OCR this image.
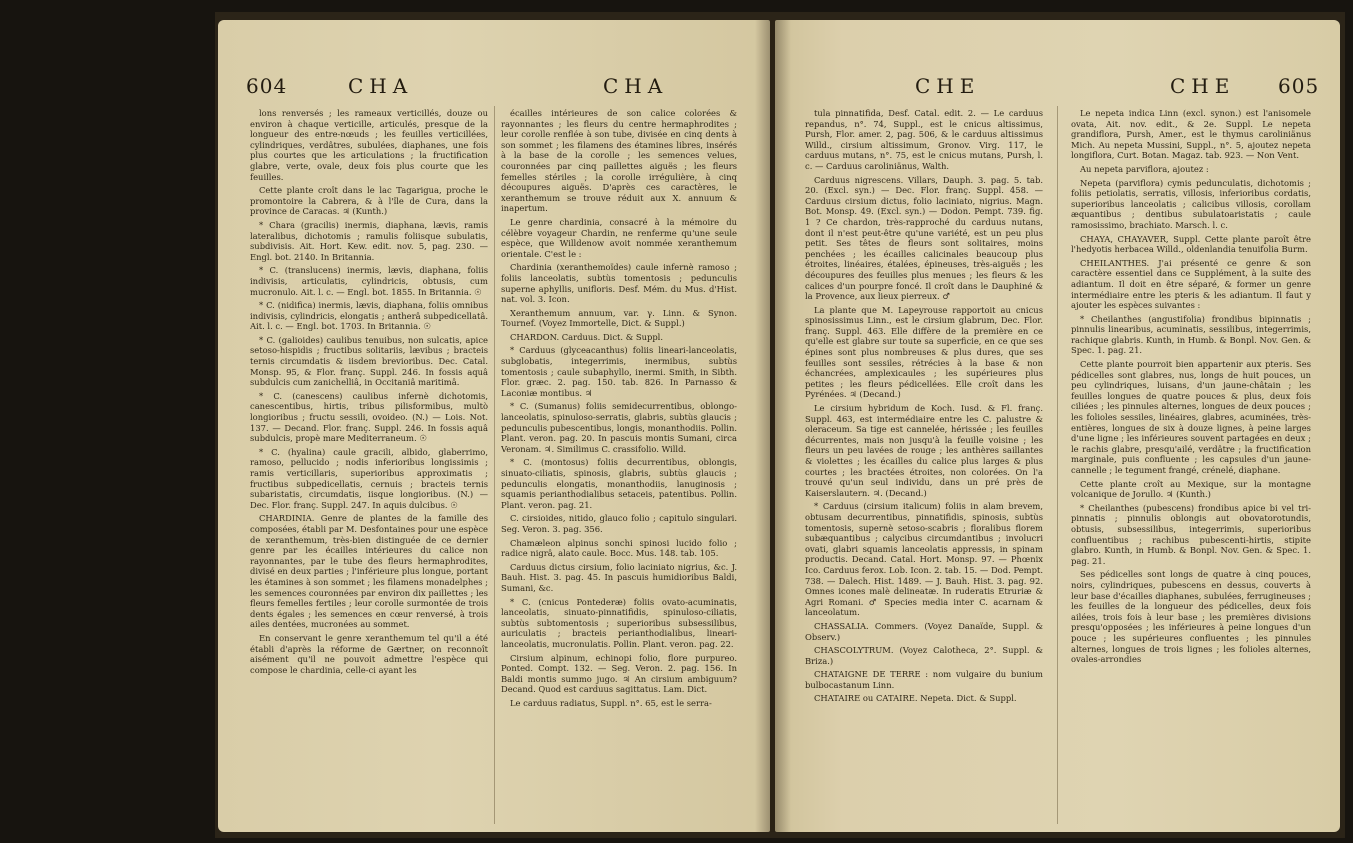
604	CHA	CHA

lons renversés ; les rameaux verticillés, douze ou environ à chaque verticille, articulés, presque de la longueur des entre-nœuds ; les feuilles verticillées, cylindriques, verdâtres, subulées, diaphanes, une fois plus courtes que les articulations ; la fructification glabre, verte, ovale, deux fois plus courte que les feuilles.

Cette plante croît dans le lac Tagarigua, proche le promontoire la Cabrera, & à l'île de Cura, dans la province de Caracas. ♃ (Kunth.)

* Chara (gracilis) inermis, diaphana, lævis, ramis lateralibus, dichotomis ; ramulis foliisque subulatis, subdivisis. Ait. Hort. Kew. edit. nov. 5, pag. 230. — Engl. bot. 2140. In Britannia.

* C. (translucens) inermis, lævis, diaphana, foliis indivisis, articulatis, cylindricis, obtusis, cum mucronulo. Ait. l. c. — Engl. bot. 1855. In Britannia. ☉

* C. (nidifica) inermis, lævis, diaphana, foliis omnibus indivisis, cylindricis, elongatis ; antherâ subpedicellatâ. Ait. l. c. — Engl. bot. 1703. In Britannia. ☉

* C. (galioides) caulibus tenuibus, non sulcatis, apice setoso-hispidis ; fructibus solitariis, lævibus ; bracteis ternis circumdatis & iisdem brevioribus. Dec. Catal. Monsp. 95, & Flor. franç. Suppl. 246. In fossis aquâ subdulcis cum zanichelliâ, in Occitaniâ maritimâ.

* C. (canescens) caulibus infernè dichotomis, canescentibus, hirtis, tribus pilisformibus, multò longioribus ; fructu sessili, ovoideo. (N.) — Lois. Not. 137. — Decand. Flor. franç. Suppl. 246. In fossis aquâ subdulcis, propè mare Mediterraneum. ☉

* C. (hyalina) caule gracili, albido, glaberrimo, ramoso, pellucido ; nodis inferioribus longissimis ; ramis verticillaris, superioribus approximatis ; fructibus subpedicellatis, cernuis ; bracteis ternis subaristatis, circumdatis, iisque longioribus. (N.) — Dec. Flor. franç. Suppl. 247. In aquis dulcibus. ☉

CHARDINIA. Genre de plantes de la famille des composées, établi par M. Desfontaines pour une espèce de xeranthemum, très-bien distinguée de ce dernier genre par les écailles intérieures du calice non rayonnantes, par le tube des fleurs hermaphrodites, divisé en deux parties ; l'inférieure plus longue, portant les étamines à son sommet ; les filamens monadelphes ; les semences couronnées par environ dix paillettes ; les fleurs femelles fertiles ; leur corolle surmontée de trois dents égales ; les semences en cœur renversé, à trois ailes dentées, mucronées au sommet.

En conservant le genre xeranthemum tel qu'il a été établi d'après la réforme de Gærtner, on reconnoît aisément qu'il ne pouvoit admettre l'espèce qui compose le chardinia, celle-ci ayant les

écailles intérieures de son calice colorées & rayonnantes ; les fleurs du centre hermaphrodites ; leur corolle renflée à son tube, divisée en cinq dents à son sommet ; les filamens des étamines libres, insérés à la base de la corolle ; les semences velues, couronnées par cinq paillettes aiguës ; les fleurs femelles stériles ; la corolle irrégulière, à cinq découpures aiguës. D'après ces caractères, le xeranthemum se trouve réduit aux X. annuum & inapertum.

Le genre chardinia, consacré à la mémoire du célèbre voyageur Chardin, ne renferme qu'une seule espèce, que Willdenow avoit nommée xeranthemum orientale. C'est le :

Chardinia (xeranthemoïdes) caule infernè ramoso ; foliis lanceolatis, subtùs tomentosis ; pedunculis superne aphyllis, unifloris. Desf. Mém. du Mus. d'Hist. nat. vol. 3. Icon.

Xeranthemum annuum, var. γ. Linn. & Synon. Tournef. (Voyez Immortelle, Dict. & Suppl.)

CHARDON. Carduus. Dict. & Suppl.

* Carduus (glyceacanthus) foliis lineari-lanceolatis, subglobatis, integerrimis, inermibus, subtùs tomentosis ; caule subaphyllo, inermi. Smith, in Sibth. Flor. græc. 2. pag. 150. tab. 826. In Parnasso & Laconiæ montibus. ♃

* C. (Sumanus) foliis semidecurrentibus, oblongo-lanceolatis, spinuloso-serratis, glabris, subtùs glaucis ; pedunculis pubescentibus, longis, monanthodiis. Pollin. Plant. veron. pag. 20. In pascuis montis Sumani, circa Veronam. ♃. Similimus C. crassifolio. Willd.

* C. (montosus) foliis decurrentibus, oblongis, sinuato-ciliatis, spinosis, glabris, subtùs glaucis ; pedunculis elongatis, monanthodiis, lanuginosis ; squamis perianthodialibus setaceis, patentibus. Pollin. Plant. veron. pag. 21.

C. cirsioides, nitido, glauco folio ; capitulo singulari. Seg. Veron. 3. pag. 356.

Chamæleon alpinus sonchi spinosi lucido folio ; radice nigrâ, alato caule. Bocc. Mus. 148. tab. 105.

Carduus dictus cirsium, folio laciniato nigrius, &c. J. Bauh. Hist. 3. pag. 45. In pascuis humidioribus Baldi, Sumani, &c.

* C. (cnicus Pontederæ) foliis ovato-acuminatis, lanceolatis, sinuato-pinnatifidis, spinuloso-ciliatis, subtùs subtomentosis ; superioribus subsessilibus, auriculatis ; bracteis perianthodialibus, lineari-lanceolatis, mucronulatis. Pollin. Plant. veron. pag. 22.

Cirsium alpinum, echinopi folio, flore purpureo. Ponted. Compt. 132. — Seg. Veron. 2. pag. 156. In Baldi montis summo jugo. ♃ An cirsium ambiguum? Decand. Quod est carduus sagittatus. Lam. Dict.

Le carduus radiatus, Suppl. n°. 65, est le serra-

CHE	CHE 605

tula pinnatifida, Desf. Catal. edit. 2. — Le carduus repandus, n°. 74, Suppl., est le cnicus altissimus, Pursh, Flor. amer. 2, pag. 506, & le carduus altissimus Willd., cirsium altissimum, Gronov. Virg. 117, le carduus mutans, n°. 75, est le cnicus mutans, Pursh, l. c. — Carduus caroliniänus, Walth.

Carduus nigrescens. Villars, Dauph. 3. pag. 5. tab. 20. (Excl. syn.) — Dec. Flor. franç. Suppl. 458. — Carduus cirsium dictus, folio laciniato, nigrius. Magn. Bot. Monsp. 49. (Excl. syn.) — Dodon. Pempt. 739. fig. 1 ? Ce chardon, très-rapproché du carduus nutans, dont il n'est peut-être qu'une variété, est un peu plus petit. Ses têtes de fleurs sont solitaires, moins penchées ; les écailles calicinales beaucoup plus étroites, linéaires, étalées, épineuses, très-aiguës ; les découpures des feuilles plus menues ; les fleurs & les calices d'un pourpre foncé. Il croît dans le Dauphiné & la Provence, aux lieux pierreux. ♂

La plante que M. Lapeyrouse rapportoit au cnicus spinosissimus Linn., est le cirsium glabrum, Dec. Flor. franç. Suppl. 463. Elle diffère de la première en ce qu'elle est glabre sur toute sa superficie, en ce que ses épines sont plus nombreuses & plus dures, que ses feuilles sont sessiles, rétrécies à la base & non échancrées, amplexicaules ; les supérieures plus petites ; les fleurs pédicellées. Elle croît dans les Pyrénées. ♃ (Decand.)

Le cirsium hybridum de Koch. Iusd. & Fl. franç. Suppl. 463, est intermédiaire entre les C. palustre & oleraceum. Sa tige est cannelée, hérissée ; les feuilles décurrentes, mais non jusqu'à la feuille voisine ; les fleurs un peu lavées de rouge ; les anthères saillantes & violettes ; les écailles du calice plus larges & plus courtes ; les bractées étroites, non colorées. On l'a trouvé qu'un seul individu, dans un pré près de Kaiserslautern. ♃. (Decand.)

* Carduus (cirsium italicum) foliis in alam brevem, obtusam decurrentibus, pinnatifidis, spinosis, subtùs tomentosis, supernè setoso-scabris ; floralibus florem subæquantibus ; calycibus circumdantibus ; involucri ovati, glabri squamis lanceolatis appressis, in spinam productis. Decand. Catal. Hort. Monsp. 97. — Phœnix Ico. Carduus ferox. Lob. Icon. 2. tab. 15. — Dod. Pempt. 738. — Dalech. Hist. 1489. — J. Bauh. Hist. 3. pag. 92. Omnes icones malè delineatæ. In ruderatis Etruriæ & Agri Romani. ♂ Species media inter C. acarnam & lanceolatum.

CHASSALIA. Commers. (Voyez Danaïde, Suppl. & Observ.)

CHASCOLYTRUM. (Voyez Calotheca, 2°. Suppl. & Briza.)

CHATAIGNE DE TERRE : nom vulgaire du bunium bulbocastanum Linn.

CHATAIRE ou CATAIRE. Nepeta. Dict. & Suppl.

Le nepeta indica Linn (excl. synon.) est l'anisomele ovata, Ait. nov. edit., & 2e. Suppl. Le nepeta grandiflora, Pursh, Amer., est le thymus caroliniänus Mich. Au nepeta Mussini, Suppl., n°. 5, ajoutez nepeta longiflora, Curt. Botan. Magaz. tab. 923. — Non Vent.

Au nepeta parviflora, ajoutez :

Nepeta (parviflora) cymis pedunculatis, dichotomis ; foliis petiolatis, serratis, villosis, inferioribus cordatis, superioribus lanceolatis ; calicibus villosis, corollam æquantibus ; dentibus subulatoaristatis ; caule ramosissimo, brachiato. Marsch. l. c.

CHAYA, CHAYAVER, Suppl. Cette plante paroît être l'hedyotis herbacea Willd., oldenlandia tenuifolia Burm.

CHEILANTHES. J'ai présenté ce genre & son caractère essentiel dans ce Supplément, à la suite des adiantum. Il doit en être séparé, & former un genre intermédiaire entre les pteris & les adiantum. Il faut y ajouter les espèces suivantes :

* Cheilanthes (angustifolia) frondibus bipinnatis ; pinnulis linearibus, acuminatis, sessilibus, integerrimis, rachique glabris. Kunth, in Humb. & Bonpl. Nov. Gen. & Spec. 1. pag. 21.

Cette plante pourroit bien appartenir aux pteris. Ses pédicelles sont glabres, nus, longs de huit pouces, un peu cylindriques, luisans, d'un jaune-châtain ; les feuilles longues de quatre pouces & plus, deux fois ciliées ; les pinnules alternes, longues de deux pouces ; les folioles sessiles, linéaires, glabres, acuminées, très-entières, longues de six à douze lignes, à peine larges d'une ligne ; les inférieures souvent partagées en deux ; le rachis glabre, presqu'ailé, verdâtre ; la fructification marginale, puis confluente ; les capsules d'un jaune-cannelle ; le tegument frangé, crénelé, diaphane.

Cette plante croît au Mexique, sur la montagne volcanique de Jorullo. ♃ (Kunth.)

* Cheilanthes (pubescens) frondibus apice bi vel tri-pinnatis ; pinnulis oblongis aut obovatorotundis, obtusis, subsessilibus, integerrimis, superioribus confluentibus ; rachibus pubescenti-hirtis, stipite glabro. Kunth, in Humb. & Bonpl. Nov. Gen. & Spec. 1. pag. 21.

Ses pédicelles sont longs de quatre à cinq pouces, noirs, cylindriques, pubescens en dessus, couverts à leur base d'écailles diaphanes, subulées, ferrugineuses ; les feuilles de la longueur des pédicelles, deux fois ailées, trois fois à leur base ; les premières divisions presqu'opposées ; les inférieures à peine longues d'un pouce ; les supérieures confluentes ; les pinnules alternes, longues de trois lignes ; les folioles alternes, ovales-arrondies
